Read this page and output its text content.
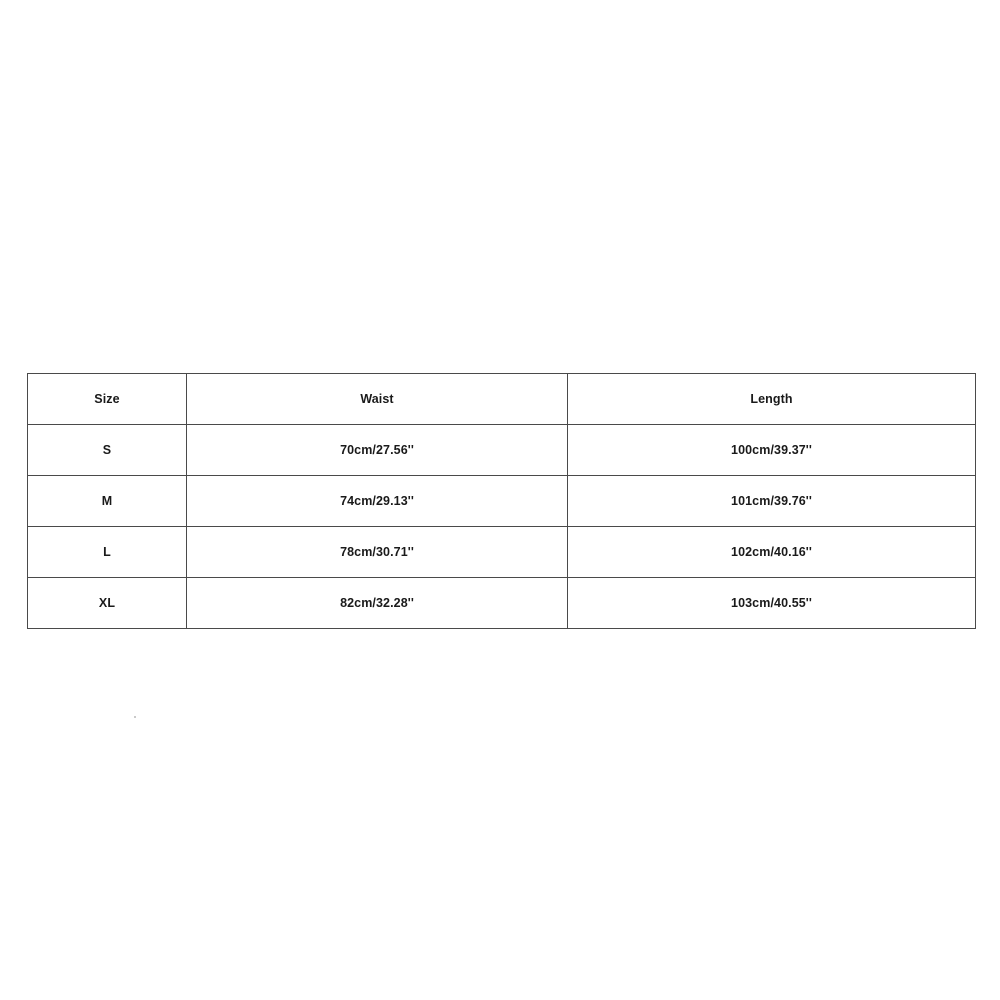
Size	Waist	Length
S	70cm/27.56''	100cm/39.37''
M	74cm/29.13''	101cm/39.76''
L	78cm/30.71''	102cm/40.16''
XL	82cm/32.28''	103cm/40.55''
